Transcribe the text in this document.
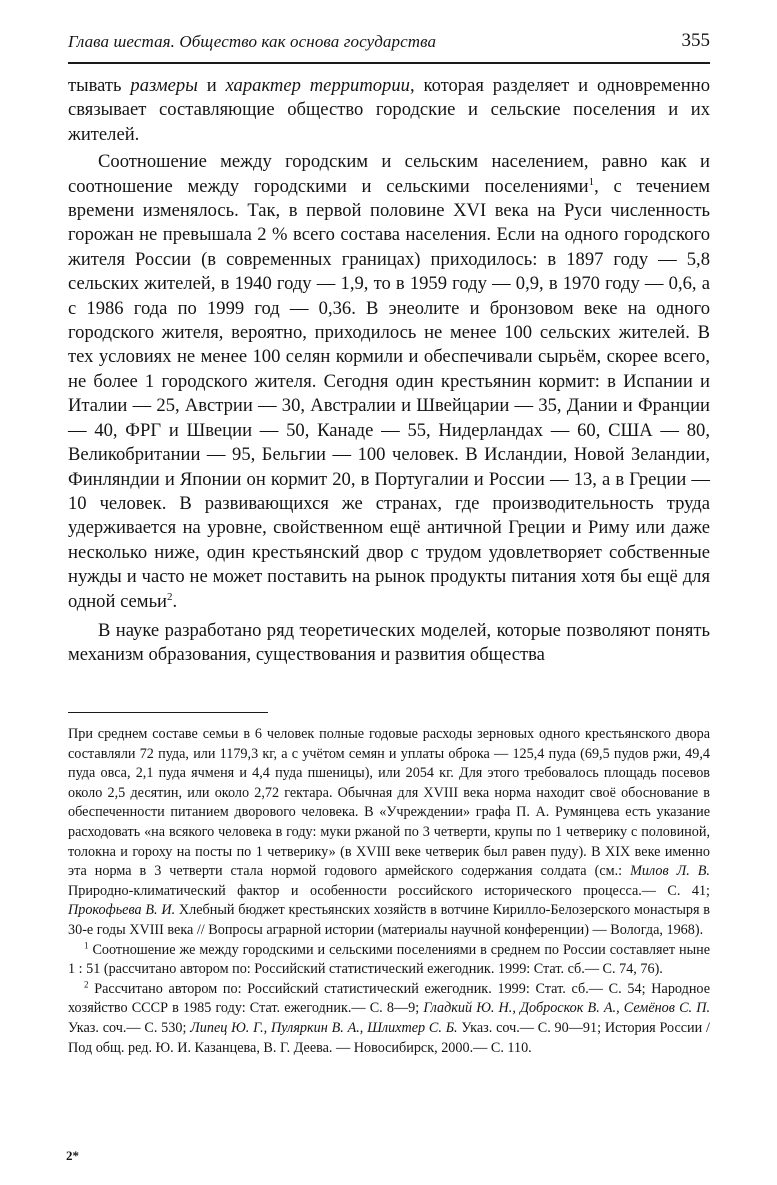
Глава шестая. Общество как основа государства	355

тывать размеры и характер территории, которая разделяет и одновременно связывает составляющие общество городские и сельские поселения и их жителей.

Соотношение между городским и сельским населением, равно как и соотношение между городскими и сельскими поселениями$^1$, с течением времени изменялось. Так, в первой половине XVI века на Руси численность горожан не превышала 2 % всего состава населения. Если на одного городского жителя России (в современных границах) приходилось: в 1897 году — 5,8 сельских жителей, в 1940 году — 1,9, то в 1959 году — 0,9, в 1970 году — 0,6, а с 1986 года по 1999 год — 0,36. В энеолите и бронзовом веке на одного городского жителя, вероятно, приходилось не менее 100 сельских жителей. В тех условиях не менее 100 селян кормили и обеспечивали сырьём, скорее всего, не более 1 городского жителя. Сегодня один крестьянин кормит: в Испании и Италии — 25, Австрии — 30, Австралии и Швейцарии — 35, Дании и Франции — 40, ФРГ и Швеции — 50, Канаде — 55, Нидерландах — 60, США — 80, Великобритании — 95, Бельгии — 100 человек. В Исландии, Новой Зеландии, Финляндии и Японии он кормит 20, в Португалии и России — 13, а в Греции — 10 человек. В развивающихся же странах, где производительность труда удерживается на уровне, свойственном ещё античной Греции и Риму или даже несколько ниже, один крестьянский двор с трудом удовлетворяет собственные нужды и часто не может поставить на рынок продукты питания хотя бы ещё для одной семьи$^2$.

В науке разработано ряд теоретических моделей, которые позволяют понять механизм образования, существования и развития общества

При среднем составе семьи в 6 человек полные годовые расходы зерновых одного крестьянского двора составляли 72 пуда, или 1179,3 кг, а с учётом семян и уплаты оброка — 125,4 пуда (69,5 пудов ржи, 49,4 пуда овса, 2,1 пуда ячменя и 4,4 пуда пшеницы), или 2054 кг. Для этого требовалось площадь посевов около 2,5 десятин, или около 2,72 гектара. Обычная для XVIII века норма находит своё обоснование в обеспеченности питанием дворового человека. В «Учреждении» графа П. А. Румянцева есть указание расходовать «на всякого человека в году: муки ржаной по 3 четверти, крупы по 1 четверику с половиной, толокна и гороху на посты по 1 четверику» (в XVIII веке четверик был равен пуду). В XIX веке именно эта норма в 3 четверти стала нормой годового армейского содержания солдата (см.: Милов Л. В. Природно-климатический фактор и особенности российского исторического процесса.— С. 41; Прокофьева В. И. Хлебный бюджет крестьянских хозяйств в вотчине Кирилло-Белозерского монастыря в 30-е годы XVIII века // Вопросы аграрной истории (материалы научной конференции) — Вологда, 1968).

$^1$ Соотношение же между городскими и сельскими поселениями в среднем по России составляет ныне 1 : 51 (рассчитано автором по: Российский статистический ежегодник. 1999: Стат. сб.— С. 74, 76).

$^2$ Рассчитано автором по: Российский статистический ежегодник. 1999: Стат. сб.— С. 54; Народное хозяйство СССР в 1985 году: Стат. ежегодник.— С. 8—9; Гладкий Ю. Н., Доброскок В. А., Семёнов С. П. Указ. соч.— С. 530; Липец Ю. Г., Пуляркин В. А., Шлихтер С. Б. Указ. соч.— С. 90—91; История России / Под общ. ред. Ю. И. Казанцева, В. Г. Деева. — Новосибирск, 2000.— С. 110.

2*
